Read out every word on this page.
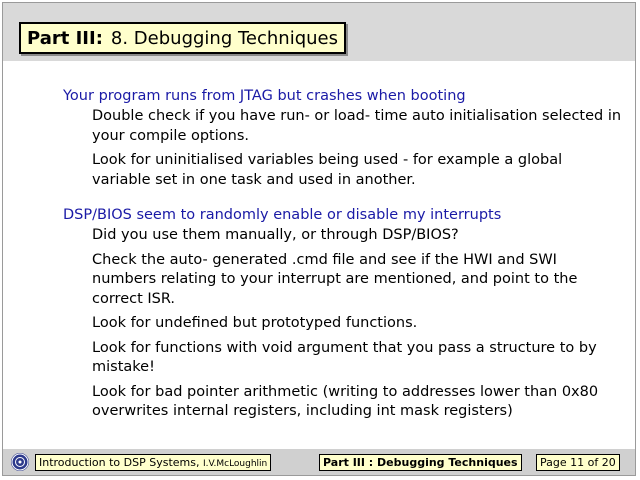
Part III: 8. Debugging Techniques
Your program runs from JTAG but crashes when booting
Double check if you have run- or load- time auto initialisation selected in your compile options.
Look for uninitialised variables being used - for example a global variable set in one task and used in another.
DSP/BIOS seem to randomly enable or disable my interrupts
Did you use them manually, or through DSP/BIOS?
Check the auto- generated .cmd file and see if the HWI and SWI numbers relating to your interrupt are mentioned, and point to the correct ISR.
Look for undefined but prototyped functions.
Look for functions with void argument that you pass a structure to by mistake!
Look for bad pointer arithmetic (writing to addresses lower than 0x80 overwrites internal registers, including int mask registers)
Introduction to DSP Systems, I.V.McLoughlin	Part III : Debugging Techniques	Page 11 of 20
